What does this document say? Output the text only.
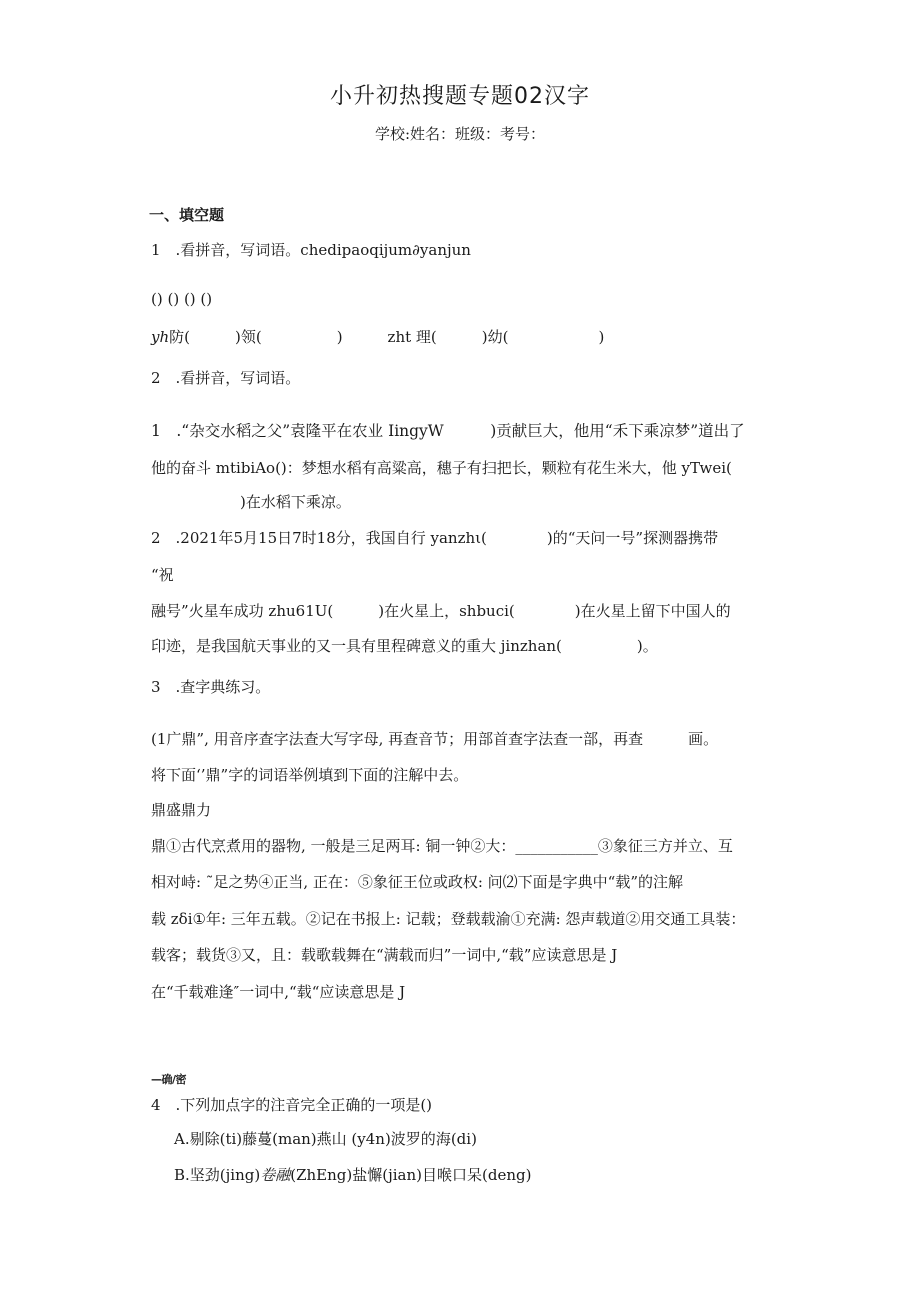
小升初热搜题专题02汉字
学校:姓名：班级：考号：
一、填空题
1　.看拼音，写词语。chedipaoqijum∂yanjun
() () () ()
yh防(　　　)领(　　　　　)　　　zht 理(　　　)幼(　　　　　　)
2　.看拼音，写词语。
1　.“杂交水稻之父”袁隆平在农业 IingyW　　　)贡献巨大，他用“禾下乘凉梦”道出了
他的奋斗 mtibiAo()：梦想水稻有高粱高，穗子有扫把长，颗粒有花生米大，他 yTwei(
)在水稻下乘凉。
2　.2021年5月15日7时18分，我国自行 yanzhι(　　　　)的“天问一号”探测器携带
“祝
融号”火星车成功 zhu61U(　　　)在火星上，shbuci(　　　　)在火星上留下中国人的
印迹，是我国航天事业的又一具有里程碑意义的重大 jinzhan(　　　　　)。
3　.查字典练习。
(1广鼎”, 用音序查字法查大写字母, 再查音节；用部首查字法查一部，再查　　　画。
将下面‘’鼎”字的词语举例填到下面的注解中去。
鼎盛鼎力
鼎①古代烹煮用的器物, 一般是三足两耳: 铜一钟②大：___________③象征三方并立、互
相对峙: ˜足之势④正当, 正在：⑤象征王位或政权: 问⑵下面是字典中“载”的注解
载 zδi①年: 三年五载。②记在书报上: 记载；登载载渝①充满: 怨声载道②用交通工具装：
载客；载货③又，且：载歌载舞在“满载而归”一词中,“载”应读意思是 J
在“千载难逢″一词中,“载“应读意思是 J
—确/密
4　.下列加点字的注音完全正确的一项是()
A.剔除(ti)藤蔓(man)燕山 (y4n)波罗的海(di)
B.坚劲(jing)卷融(ZhEng)盐懈(jian)目喉口呆(deng)
